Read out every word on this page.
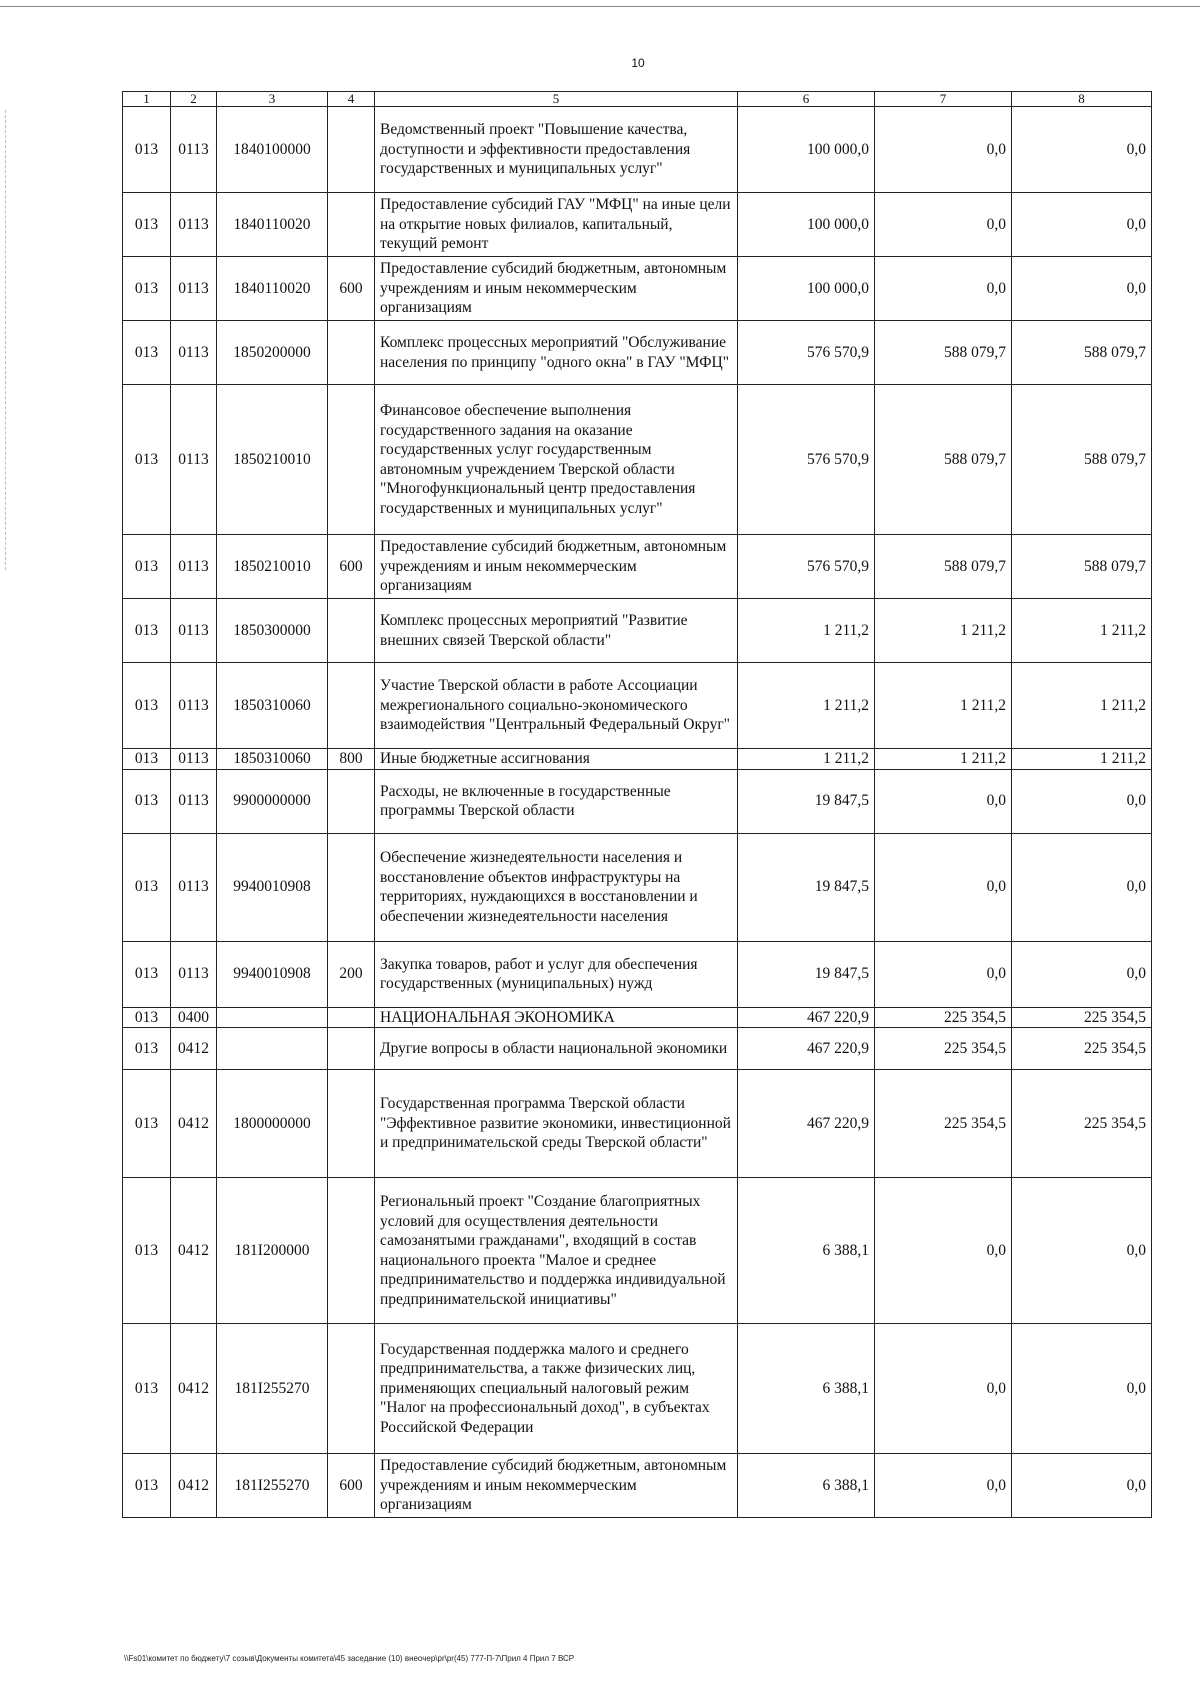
10
1	2	3	4	5	6	7	8
013	0113	1840100000		Ведомственный проект "Повышение качества, доступности и эффективности предоставления государственных и муниципальных услуг"	100 000,0	0,0	0,0
013	0113	1840110020		Предоставление субсидий ГАУ "МФЦ" на иные цели на открытие новых филиалов, капитальный, текущий ремонт	100 000,0	0,0	0,0
013	0113	1840110020	600	Предоставление субсидий бюджетным, автономным учреждениям и иным некоммерческим организациям	100 000,0	0,0	0,0
013	0113	1850200000		Комплекс процессных мероприятий "Обслуживание населения по принципу "одного окна" в ГАУ "МФЦ"	576 570,9	588 079,7	588 079,7
013	0113	1850210010		Финансовое обеспечение выполнения государственного задания на оказание государственных услуг государственным автономным учреждением Тверской области "Многофункциональный центр предоставления государственных и муниципальных услуг"	576 570,9	588 079,7	588 079,7
013	0113	1850210010	600	Предоставление субсидий бюджетным, автономным учреждениям и иным некоммерческим организациям	576 570,9	588 079,7	588 079,7
013	0113	1850300000		Комплекс процессных мероприятий "Развитие внешних связей Тверской области"	1 211,2	1 211,2	1 211,2
013	0113	1850310060		Участие Тверской области в работе Ассоциации межрегионального социально-экономического взаимодействия "Центральный Федеральный Округ"	1 211,2	1 211,2	1 211,2
013	0113	1850310060	800	Иные бюджетные ассигнования	1 211,2	1 211,2	1 211,2
013	0113	9900000000		Расходы, не включенные в государственные программы Тверской области	19 847,5	0,0	0,0
013	0113	9940010908		Обеспечение жизнедеятельности населения и восстановление объектов инфраструктуры на территориях, нуждающихся в восстановлении и обеспечении жизнедеятельности населения	19 847,5	0,0	0,0
013	0113	9940010908	200	Закупка товаров, работ и услуг для обеспечения государственных (муниципальных) нужд	19 847,5	0,0	0,0
013	0400			НАЦИОНАЛЬНАЯ ЭКОНОМИКА	467 220,9	225 354,5	225 354,5
013	0412			Другие вопросы в области национальной экономики	467 220,9	225 354,5	225 354,5
013	0412	1800000000		Государственная программа Тверской области "Эффективное развитие экономики, инвестиционной и предпринимательской среды Тверской области"	467 220,9	225 354,5	225 354,5
013	0412	181I200000		Региональный проект "Создание благоприятных условий для осуществления деятельности самозанятыми гражданами", входящий в состав национального проекта "Малое и среднее предпринимательство и поддержка индивидуальной предпринимательской инициативы"	6 388,1	0,0	0,0
013	0412	181I255270		Государственная поддержка малого и среднего предпринимательства, а также физических лиц, применяющих специальный налоговый режим "Налог на профессиональный доход", в субъектах Российской Федерации	6 388,1	0,0	0,0
013	0412	181I255270	600	Предоставление субсидий бюджетным, автономным учреждениям и иным некоммерческим организациям	6 388,1	0,0	0,0
\\Fs01\комитет по бюджету\7 созыв\Документы комитета\45 заседание (10) внеочер\pr\pr(45) 777-П-7\Прил 4 Прил 7 ВСР
